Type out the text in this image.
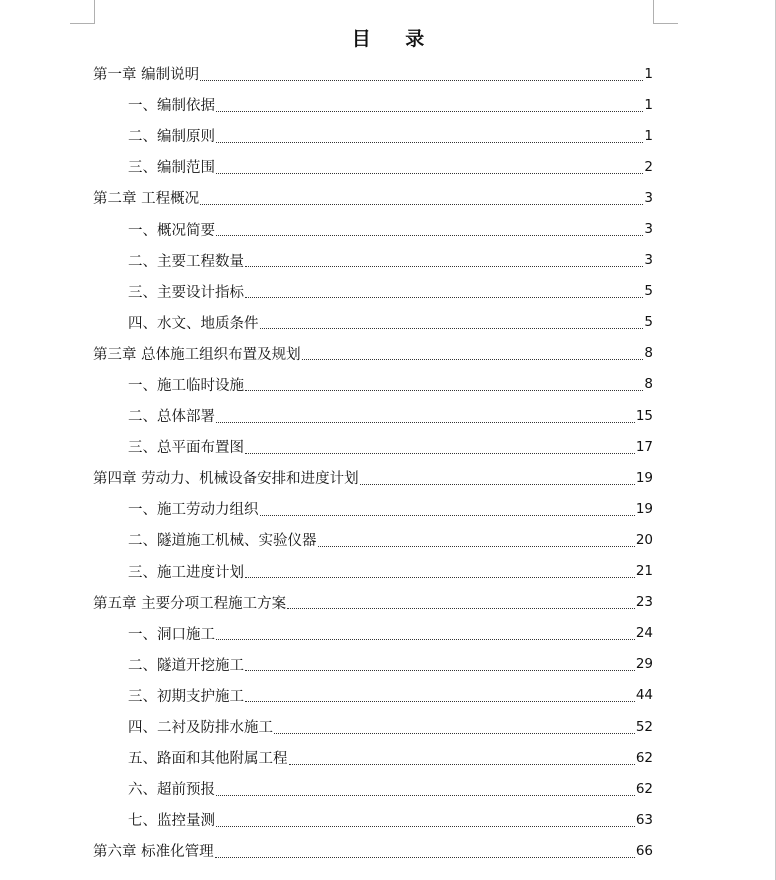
目 录
第一章 编制说明	1
一、编制依据	1
二、编制原则	1
三、编制范围	2
第二章 工程概况	3
一、概况简要	3
二、主要工程数量	3
三、主要设计指标	5
四、水文、地质条件	5
第三章 总体施工组织布置及规划	8
一、施工临时设施	8
二、总体部署	15
三、总平面布置图	17
第四章 劳动力、机械设备安排和进度计划	19
一、施工劳动力组织	19
二、隧道施工机械、实验仪器	20
三、施工进度计划	21
第五章 主要分项工程施工方案	23
一、洞口施工	24
二、隧道开挖施工	29
三、初期支护施工	44
四、二衬及防排水施工	52
五、路面和其他附属工程	62
六、超前预报	62
七、监控量测	63
第六章 标准化管理	66
